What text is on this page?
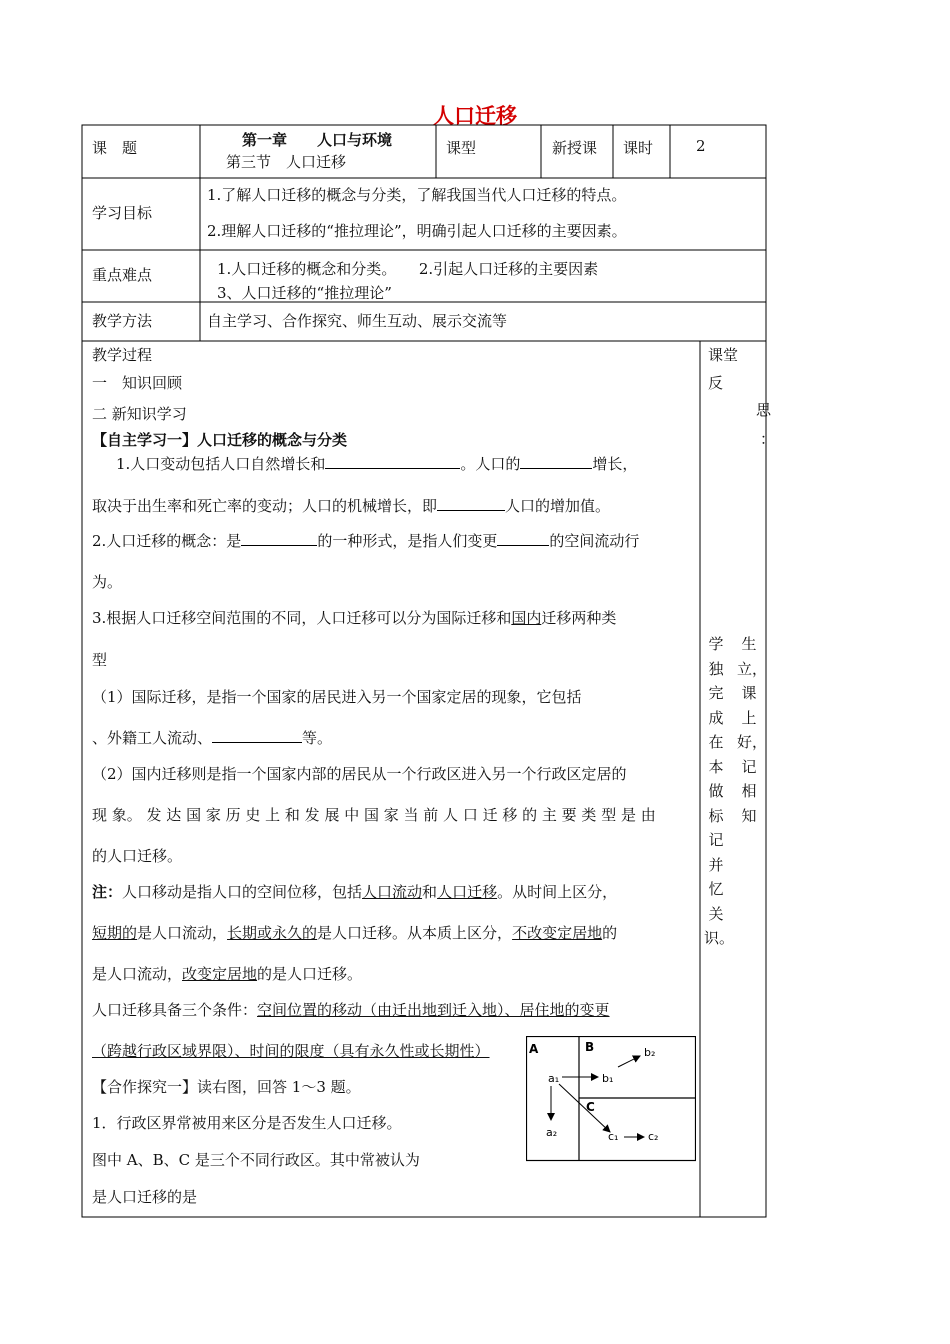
人口迁移
课　题	第一章　　人口与环境
第三节　人口迁移
课型	新授课 课时	2
学习目标
1.了解人口迁移的概念与分类，了解我国当代人口迁移的特点。
2.理解人口迁移的“推拉理论”，明确引起人口迁移的主要因素。
重点难点	1.人口迁移的概念和分类。　　2.引起人口迁移的主要因素
3、人口迁移的“推拉理论”
教学方法	自主学习、合作探究、师生互动、展示交流等
教学过程
一　知识回顾
二 新知识学习
【自主学习一】人口迁移的概念与分类
1.人口变动包括人口自然增长和	。人口的	增长，
取决于出生率和死亡率的变动；人口的机械增长，即	人口的增加值。
2.人口迁移的概念：是	的一种形式，是指人们变更	的空间流动行
为。
3.根据人口迁移空间范围的不同，人口迁移可以分为国际迁移和国内迁移两种类
型
（1）国际迁移，是指一个国家的居民进入另一个国家定居的现象，它包括
、外籍工人流动、	等。
（2）国内迁移则是指一个国家内部的居民从一个行政区进入另一个行政区定居的
现 象。 发 达 国 家 历 史 上 和 发 展 中 国 家 当 前 人 口 迁 移 的 主 要 类 型 是 由
的人口迁移。
注：人口移动是指人口的空间位移，包括人口流动和人口迁移。从时间上区分，
短期的是人口流动，长期或永久的是人口迁移。从本质上区分，不改变定居地的
是人口流动，改变定居地的是人口迁移。
人口迁移具备三个条件：空间位置的移动（由迁出地到迁入地）、居住地的变更
（跨越行政区域界限）、时间的限度（具有永久性或长期性）
【合作探究一】读右图，回答 1～3 题。
1．行政区界常被用来区分是否发生人口迁移。
图中 A、B、C 是三个不同行政区。其中常被认为
是人口迁移的是
A	B
C
a₁
a₂
b₁
b₂
c₁	c₂
课堂
反
思
：
学独完成在本做标记并忆关识。
生立，课上好，记相知
